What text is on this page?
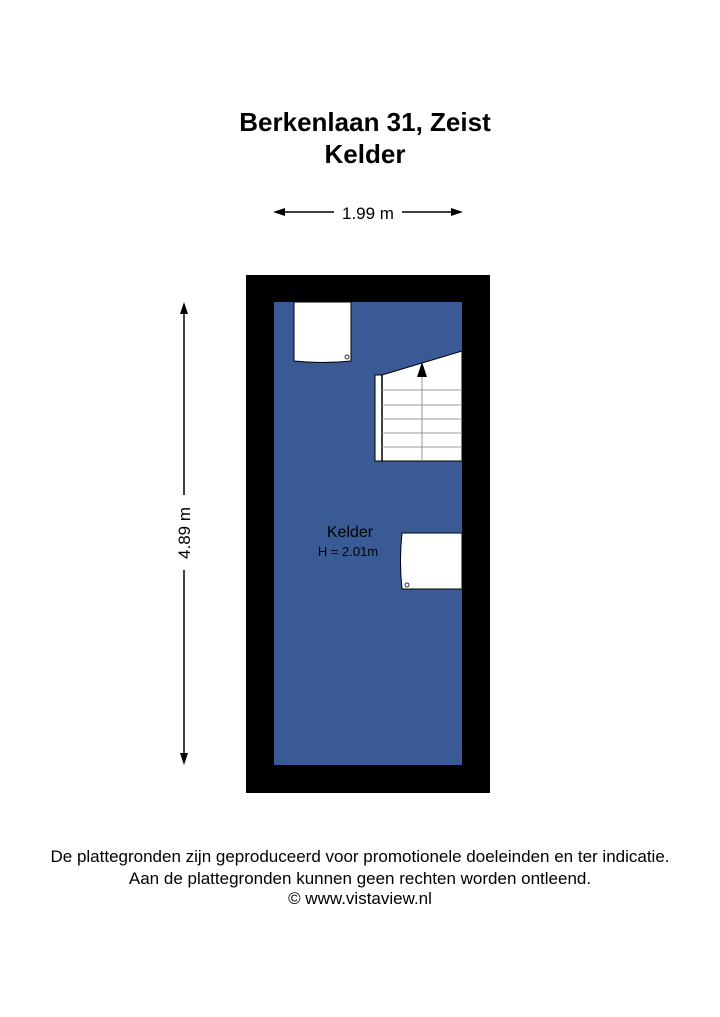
Berkenlaan 31, Zeist
Kelder
1.99 m
4.89 m	Kelder
H = 2.01m
De plattegronden zijn geproduceerd voor promotionele doeleinden en ter indicatie.
Aan de plattegronden kunnen geen rechten worden ontleend.
© www.vistaview.nl
